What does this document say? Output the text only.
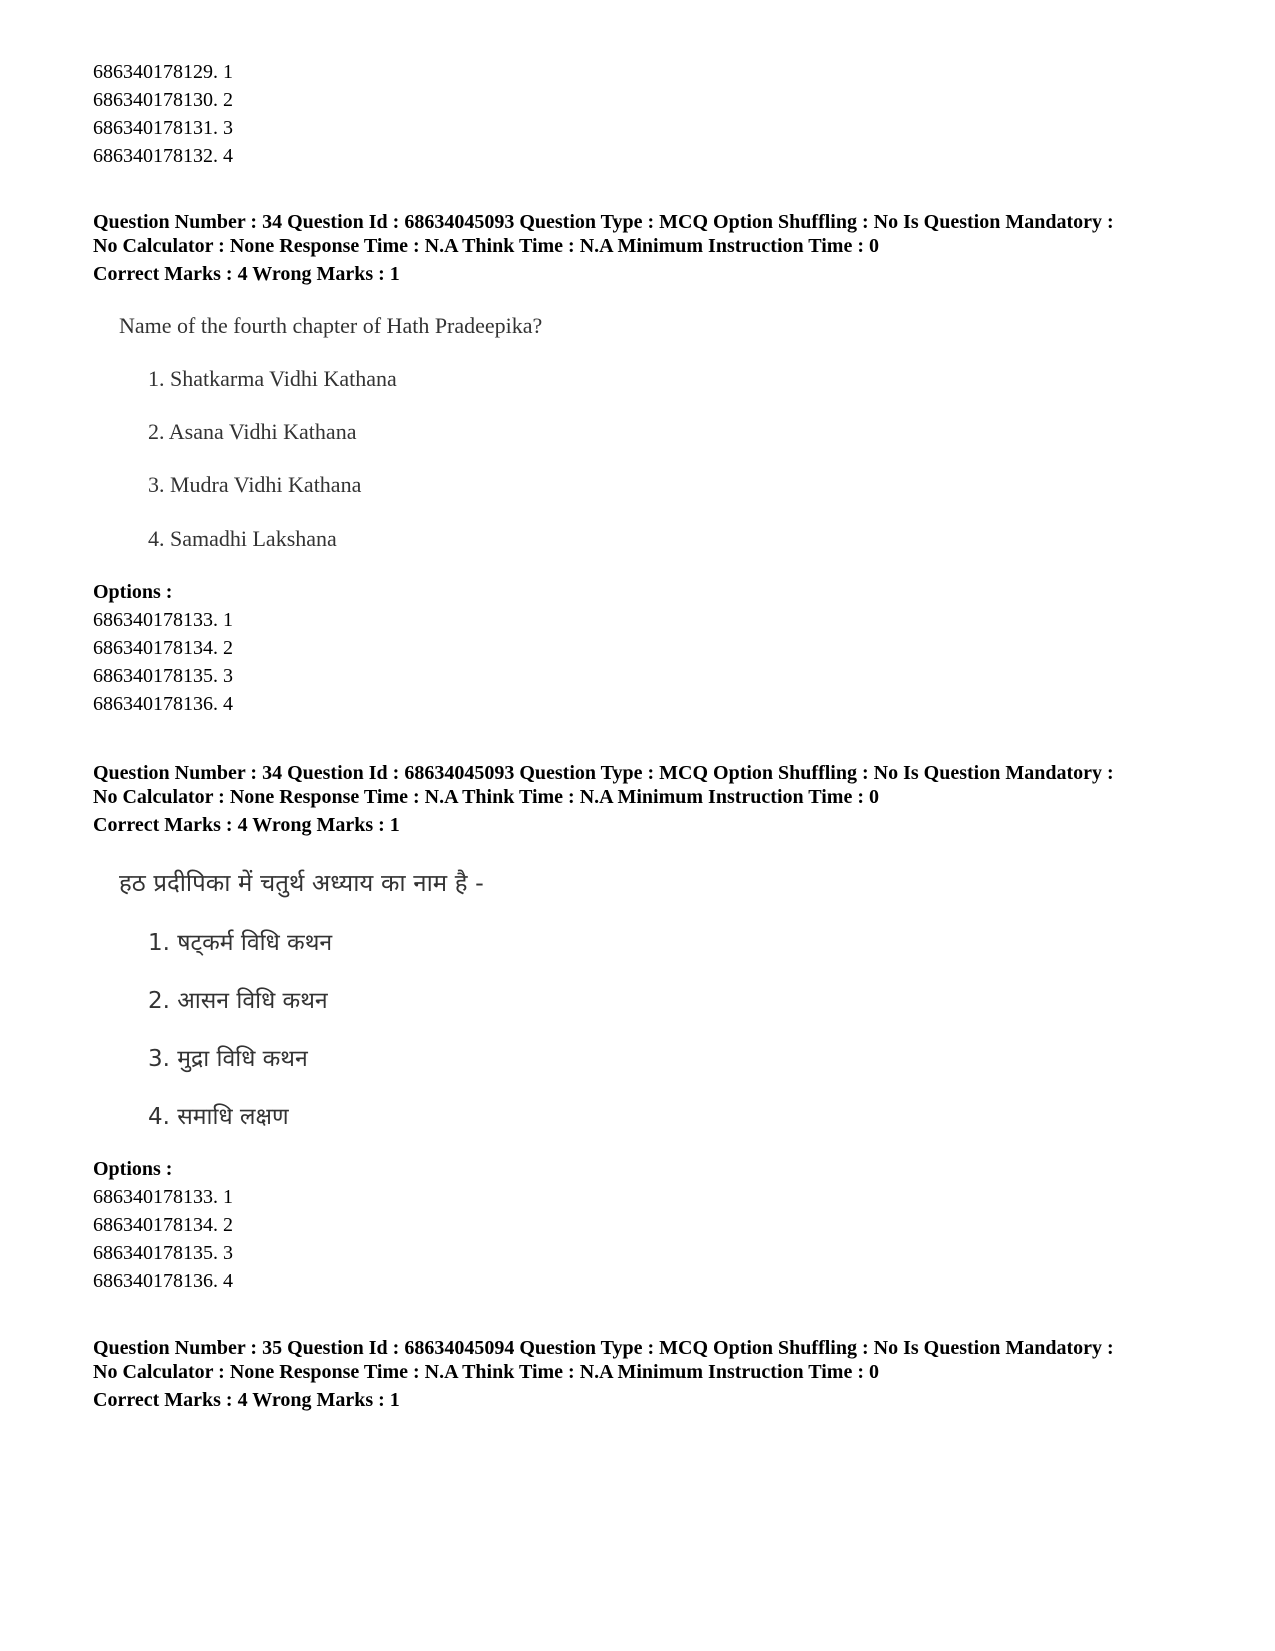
686340178129. 1
686340178130. 2
686340178131. 3
686340178132. 4
Question Number : 34 Question Id : 68634045093 Question Type : MCQ Option Shuffling : No Is Question Mandatory :
No Calculator : None Response Time : N.A Think Time : N.A Minimum Instruction Time : 0
Correct Marks : 4 Wrong Marks : 1
Name of the fourth chapter of Hath Pradeepika?
1. Shatkarma Vidhi Kathana
2. Asana Vidhi Kathana
3. Mudra Vidhi Kathana
4. Samadhi Lakshana
Options :
686340178133. 1
686340178134. 2
686340178135. 3
686340178136. 4
Question Number : 34 Question Id : 68634045093 Question Type : MCQ Option Shuffling : No Is Question Mandatory :
No Calculator : None Response Time : N.A Think Time : N.A Minimum Instruction Time : 0
Correct Marks : 4 Wrong Marks : 1
हठ प्रदीपिका में चतुर्थ अध्याय का नाम है -
1. षट्कर्म विधि कथन
2. आसन विधि कथन
3. मुद्रा विधि कथन
4. समाधि लक्षण
Options :
686340178133. 1
686340178134. 2
686340178135. 3
686340178136. 4
Question Number : 35 Question Id : 68634045094 Question Type : MCQ Option Shuffling : No Is Question Mandatory :
No Calculator : None Response Time : N.A Think Time : N.A Minimum Instruction Time : 0
Correct Marks : 4 Wrong Marks : 1
